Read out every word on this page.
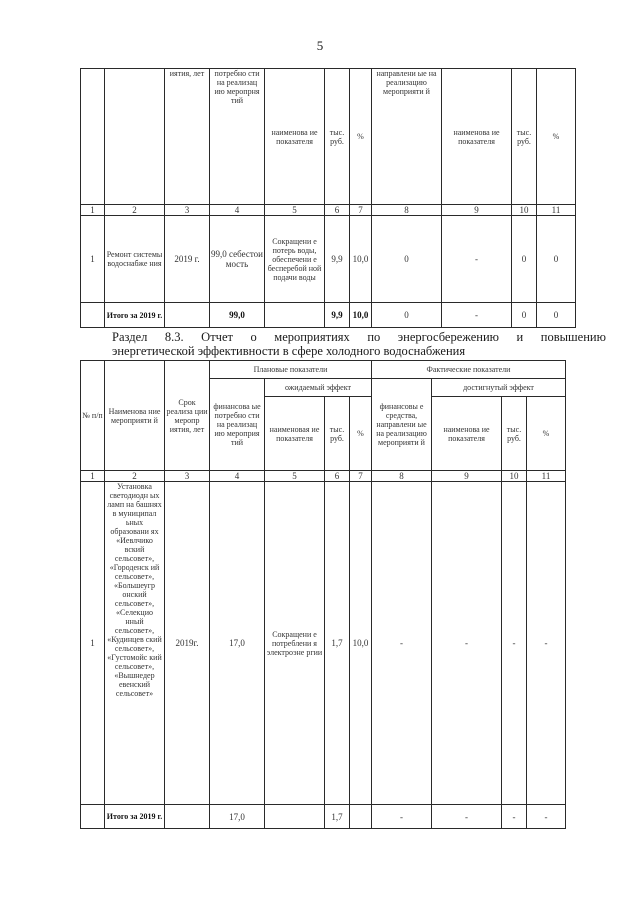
5
		иятия, лет	потребно сти на реализац ию меропрня тий	наименова ие показателя	тыс. руб.	%	направлени ые на реализацию мероприяти й	наименова ие показателя	тыс. руб.	%
1	2	3	4	5	6	7	8	9	10	11
1	Ремонт системы водоснабже ния	2019 г.	99,0 себестои мость	Сокращени е потерь воды, обеспечени е бесперебой ной подачи воды	9,9	10,0	0	-	0	0
	Итого за 2019 г.		99,0		9,9	10,0	0	-	0	0
Раздел 8.3. Отчет о мероприятиях по энергосбережению и повышению
энергетической эффективности в сфере холодного водоснабжения
№ п/п	Наименова ние мероприяти й	Срок реализа ции меропр иятия, лет	Плановые показатели				Фактические показатели			
			финансова ые потребно сти на реализац ию мероприя тий	ожидаемый эффект			финансовы е средства, направлени ые на реализацию мероприяти й	достигнутый эффект		
				наименовая ие показателя	тыс. руб.	%		наименова ие показателя	тыс. руб.	%
1	2	3	4	5	6	7	8	9	10	11
1	Установка светодиодн ых ламп на башнях в муниципал ьных образовани ях «Иевлчико вский сельсовет», «Городенск ий сельсовет», «Большеугр онский сельсовет», «Селекцио нный сельсовет», «Кудинцев ский сельсовет», «Густомойс кий сельсовет», «Вышнедер евенский сельсовет»	2019г.	17,0	Сокращени е потреблени я электроэне ргии	1,7	10,0	-	-	-	-
	Итого за 2019 г.		17,0		1,7		-	-	-	-
